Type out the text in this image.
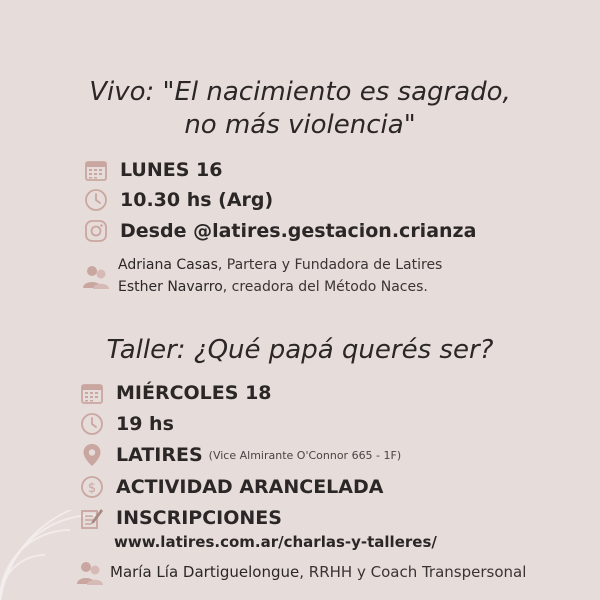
Vivo: "El nacimiento es sagrado,
no más violencia"
LUNES 16
10.30 hs (Arg)
Desde @latires.gestacion.crianza
Adriana Casas, Partera y Fundadora de Latires
Esther Navarro, creadora del Método Naces.
Taller: ¿Qué papá querés ser?
MIÉRCOLES 18
19 hs
LATIRES (Vice Almirante O'Connor 665 - 1F)
$ ACTIVIDAD ARANCELADA
INSCRIPCIONES
www.latires.com.ar/charlas-y-talleres/
María Lía Dartiguelongue, RRHH y Coach Transpersonal
